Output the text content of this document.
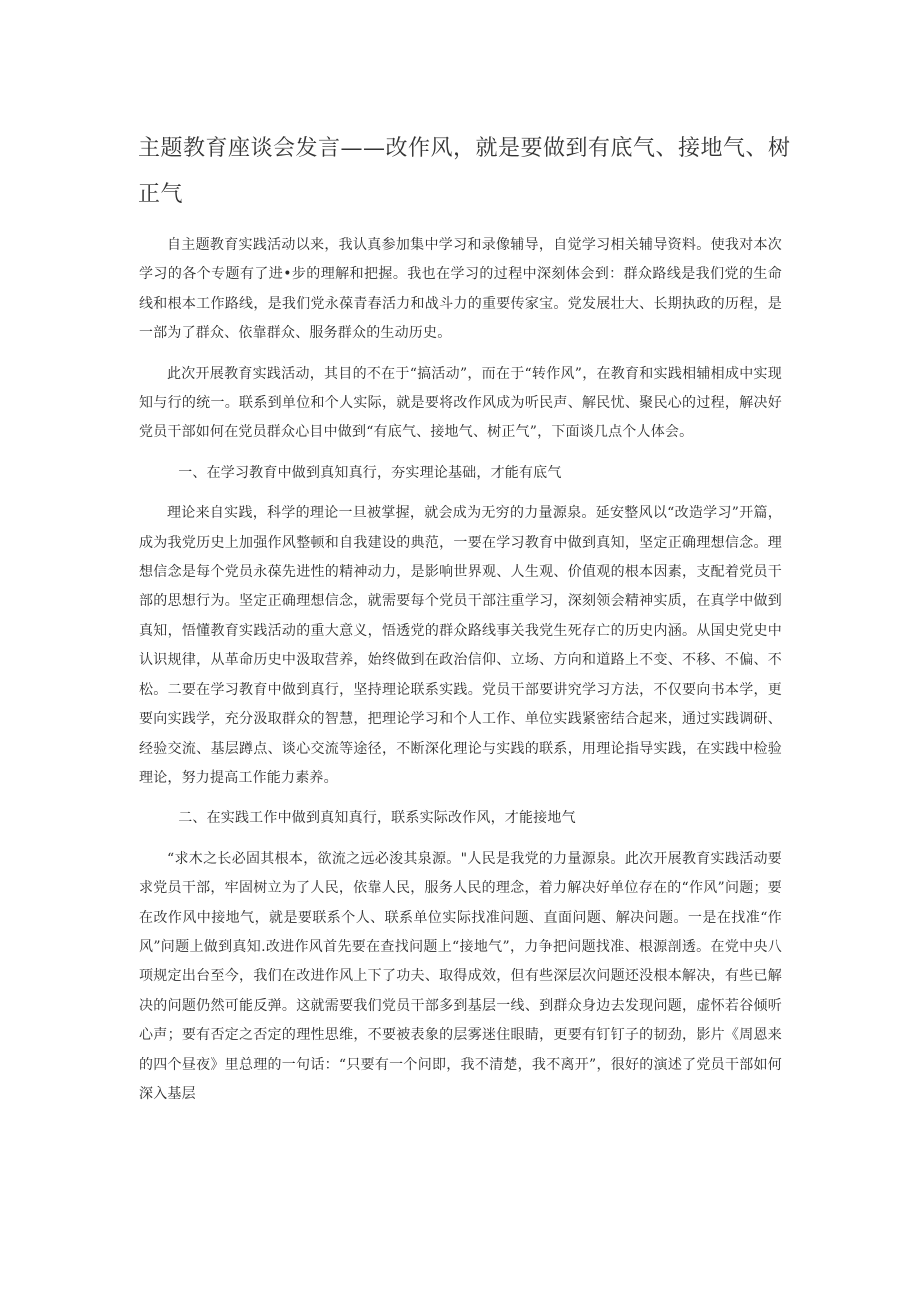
主题教育座谈会发言——改作风，就是要做到有底气、接地气、树正气

自主题教育实践活动以来，我认真参加集中学习和录像辅导，自觉学习相关辅导资料。使我对本次学习的各个专题有了进•步的理解和把握。我也在学习的过程中深刻体会到：群众路线是我们党的生命线和根本工作路线，是我们党永葆青春活力和战斗力的重要传家宝。党发展壮大、长期执政的历程，是一部为了群众、依靠群众、服务群众的生动历史。

此次开展教育实践活动，其目的不在于“搞活动”，而在于“转作风”，在教育和实践相辅相成中实现知与行的统一。联系到单位和个人实际，就是要将改作风成为听民声、解民忧、聚民心的过程，解决好党员干部如何在党员群众心目中做到“有底气、接地气、树正气”，下面谈几点个人体会。

一、在学习教育中做到真知真行，夯实理论基础，才能有底气

理论来自实践，科学的理论一旦被掌握，就会成为无穷的力量源泉。延安整风以“改造学习”开篇，成为我党历史上加强作风整顿和自我建设的典范，一要在学习教育中做到真知，坚定正确理想信念。理想信念是每个党员永葆先进性的精神动力，是影响世界观、人生观、价值观的根本因素，支配着党员干部的思想行为。坚定正确理想信念，就需要每个党员干部注重学习，深刻领会精神实质，在真学中做到真知，悟懂教育实践活动的重大意义，悟透党的群众路线事关我党生死存亡的历史内涵。从国史党史中认识规律，从革命历史中汲取营养，始终做到在政治信仰、立场、方向和道路上不变、不移、不偏、不松。二要在学习教育中做到真行，坚持理论联系实践。党员干部要讲究学习方法，不仅要向书本学，更要向实践学，充分汲取群众的智慧，把理论学习和个人工作、单位实践紧密结合起来，通过实践调研、经验交流、基层蹲点、谈心交流等途径，不断深化理论与实践的联系，用理论指导实践，在实践中检验理论，努力提高工作能力素养。

二、在实践工作中做到真知真行，联系实际改作风，才能接地气

“求木之长必固其根本，欲流之远必浚其泉源。"人民是我党的力量源泉。此次开展教育实践活动要求党员干部，牢固树立为了人民，依靠人民，服务人民的理念，着力解决好单位存在的“作风”问题；要在改作风中接地气，就是要联系个人、联系单位实际找准问题、直面问题、解决问题。一是在找准“作风”问题上做到真知.改进作风首先要在查找问题上“接地气”，力争把问题找准、根源剖透。在党中央八项规定出台至今，我们在改进作风上下了功夫、取得成效，但有些深层次问题还没根本解决，有些已解决的问题仍然可能反弹。这就需要我们党员干部多到基层一线、到群众身边去发现问题，虚怀若谷倾听心声；要有否定之否定的理性思维，不要被表象的层雾迷住眼睛，更要有钉钉子的韧劲，影片《周恩来的四个昼夜》里总理的一句话：“只要有一个问即，我不清楚，我不离开”，很好的演述了党员干部如何深入基层
